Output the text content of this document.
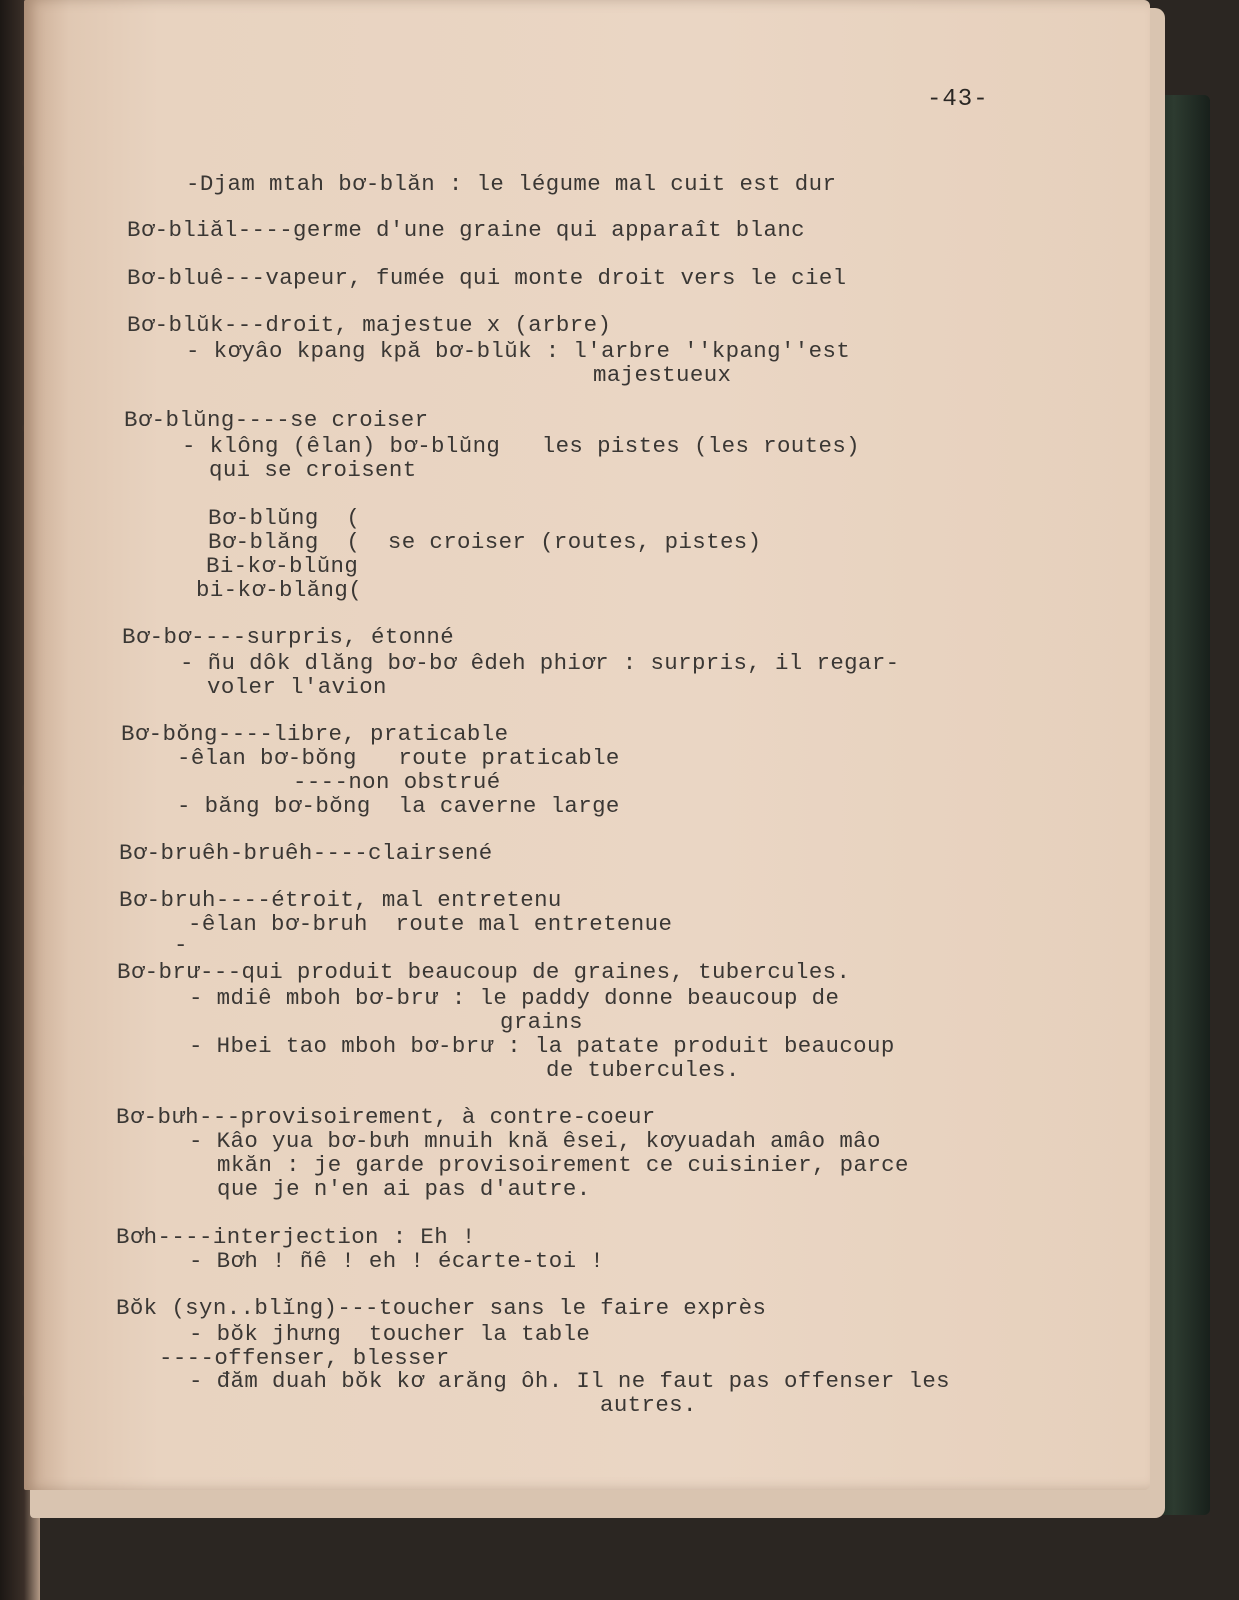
-43-

-Djam mtah bơ-blăn : le légume mal cuit est dur

Bơ-bliăl----germe d'une graine qui apparaît blanc

Bơ-bluê---vapeur, fumée qui monte droit vers le ciel

Bơ-blŭk---droit, majestue x (arbre)

- kơyâo kpang kpă bơ-blŭk : l'arbre ''kpang''est

majestueux

Bơ-blŭng----se croiser

- klông (êlan) bơ-blŭng   les pistes (les routes)

qui se croisent

Bơ-blŭng  (

Bơ-blăng  (  se croiser (routes, pistes)

Bi-kơ-blŭng

bi-kơ-blăng(

Bơ-bơ----surpris, étonné

- ñu dôk dlăng bơ-bơ êdeh phiơr : surpris, il regar-

voler l'avion

Bơ-bŏng----libre, praticable

-êlan bơ-bŏng   route praticable

----non obstrué

- băng bơ-bŏng  la caverne large

Bơ-bruêh-bruêh----clairsené

Bơ-bruh----étroit, mal entretenu

-êlan bơ-bruh  route mal entretenue

-

Bơ-brư---qui produit beaucoup de graines, tubercules.

- mdiê mboh bơ-brư : le paddy donne beaucoup de

grains

- Hbei tao mboh bơ-brư : la patate produit beaucoup

de tubercules.

Bơ-bưh---provisoirement, à contre-coeur

- Kâo yua bơ-bưh mnuih knă êsei, kơyuadah amâo mâo

mkăn : je garde provisoirement ce cuisinier, parce

que je n'en ai pas d'autre.

Bơh----interjection : Eh !

- Bơh ! ñê ! eh ! écarte-toi !

Bŏk (syn..blĭng)---toucher sans le faire exprès

- bŏk jhưng  toucher la table

----offenser, blesser

- đăm duah bŏk kơ arăng ôh. Il ne faut pas offenser les

autres.
